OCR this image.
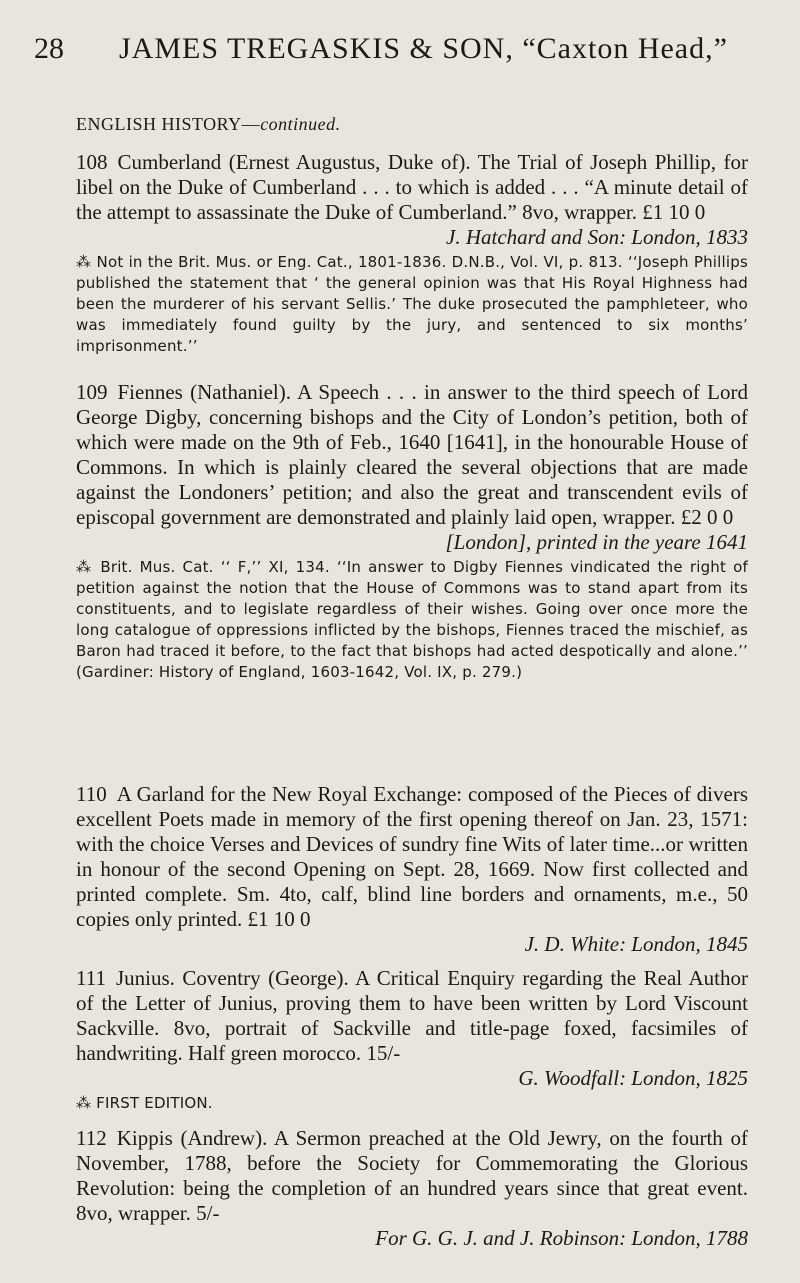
28 JAMES TREGASKIS & SON, “Caxton Head,”
ENGLISH HISTORY—continued.

108 Cumberland (Ernest Augustus, Duke of). The Trial of Joseph Phillip, for libel on the Duke of Cumberland . . . to which is added . . . “A minute detail of the attempt to assassinate the Duke of Cumberland.” 8vo, wrapper. £1 10 0

J. Hatchard and Son: London, 1833

⁂ Not in the Brit. Mus. or Eng. Cat., 1801-1836. D.N.B., Vol. VI, p. 813. ‘‘Joseph Phillips published the statement that ‘ the general opinion was that His Royal Highness had been the murderer of his servant Sellis.’ The duke prosecuted the pamphleteer, who was immediately found guilty by the jury, and sentenced to six months’ imprisonment.’’

109 Fiennes (Nathaniel). A Speech . . . in answer to the third speech of Lord George Digby, concerning bishops and the City of London’s petition, both of which were made on the 9th of Feb., 1640 [1641], in the honourable House of Commons. In which is plainly cleared the several objections that are made against the Londoners’ petition; and also the great and transcendent evils of episcopal government are demonstrated and plainly laid open, wrapper. £2 0 0

[London], printed in the yeare 1641

⁂ Brit. Mus. Cat. ‘‘ F,’’ XI, 134. ‘‘In answer to Digby Fiennes vindicated the right of petition against the notion that the House of Commons was to stand apart from its constituents, and to legislate regardless of their wishes. Going over once more the long catalogue of oppressions inflicted by the bishops, Fiennes traced the mischief, as Baron had traced it before, to the fact that bishops had acted despotically and alone.’’ (Gardiner: History of England, 1603-1642, Vol. IX, p. 279.)

110 A Garland for the New Royal Exchange: composed of the Pieces of divers excellent Poets made in memory of the first opening thereof on Jan. 23, 1571: with the choice Verses and Devices of sundry fine Wits of later time...or written in honour of the second Opening on Sept. 28, 1669. Now first collected and printed complete. Sm. 4to, calf, blind line borders and ornaments, m.e., 50 copies only printed. £1 10 0

J. D. White: London, 1845

111 Junius. Coventry (George). A Critical Enquiry regarding the Real Author of the Letter of Junius, proving them to have been written by Lord Viscount Sackville. 8vo, portrait of Sackville and title-page foxed, facsimiles of handwriting. Half green morocco. 15/-

G. Woodfall: London, 1825

⁂ FIRST EDITION.

112 Kippis (Andrew). A Sermon preached at the Old Jewry, on the fourth of November, 1788, before the Society for Commemorating the Glorious Revolution: being the completion of an hundred years since that great event. 8vo, wrapper. 5/-

For G. G. J. and J. Robinson: London, 1788
